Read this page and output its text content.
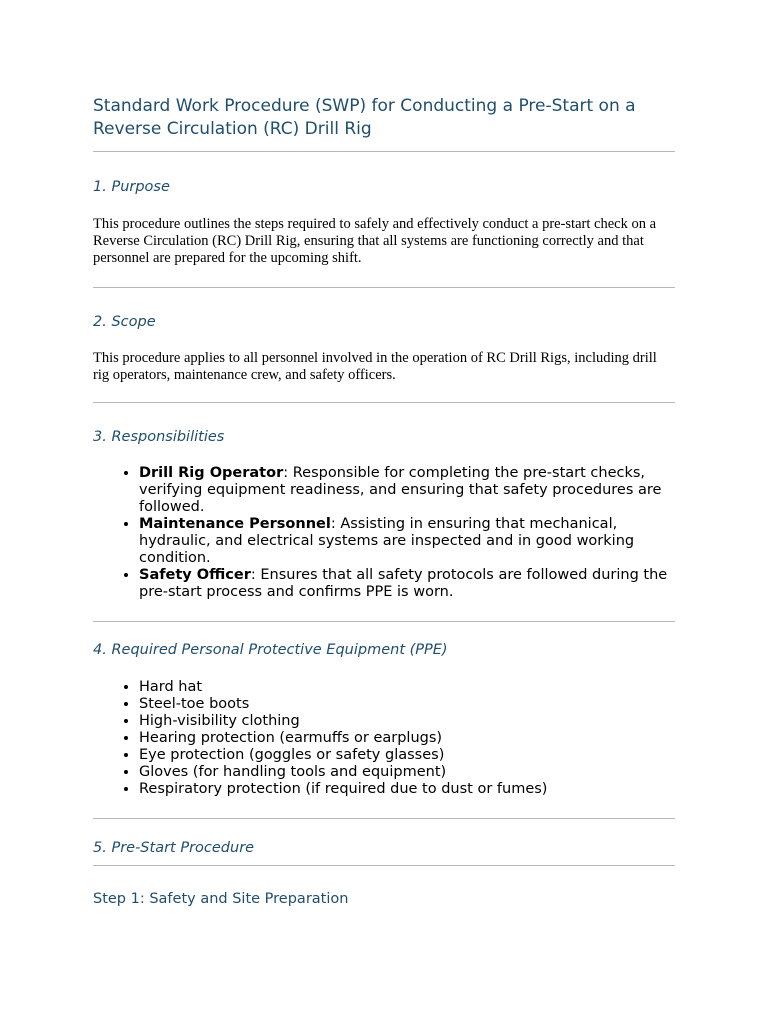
Standard Work Procedure (SWP) for Conducting a Pre-Start on a Reverse Circulation (RC) Drill Rig
1. Purpose

This procedure outlines the steps required to safely and effectively conduct a pre-start check on a Reverse Circulation (RC) Drill Rig, ensuring that all systems are functioning correctly and that personnel are prepared for the upcoming shift.

2. Scope

This procedure applies to all personnel involved in the operation of RC Drill Rigs, including drill rig operators, maintenance crew, and safety officers.

3. Responsibilities
• Drill Rig Operator: Responsible for completing the pre-start checks, verifying equipment readiness, and ensuring that safety procedures are followed.
• Maintenance Personnel: Assisting in ensuring that mechanical, hydraulic, and electrical systems are inspected and in good working condition.
• Safety Officer: Ensures that all safety protocols are followed during the pre-start process and confirms PPE is worn.
4. Required Personal Protective Equipment (PPE)
• Hard hat
• Steel-toe boots
• High-visibility clothing
• Hearing protection (earmuffs or earplugs)
• Eye protection (goggles or safety glasses)
• Gloves (for handling tools and equipment)
• Respiratory protection (if required due to dust or fumes)
5. Pre-Start Procedure
Step 1: Safety and Site Preparation
